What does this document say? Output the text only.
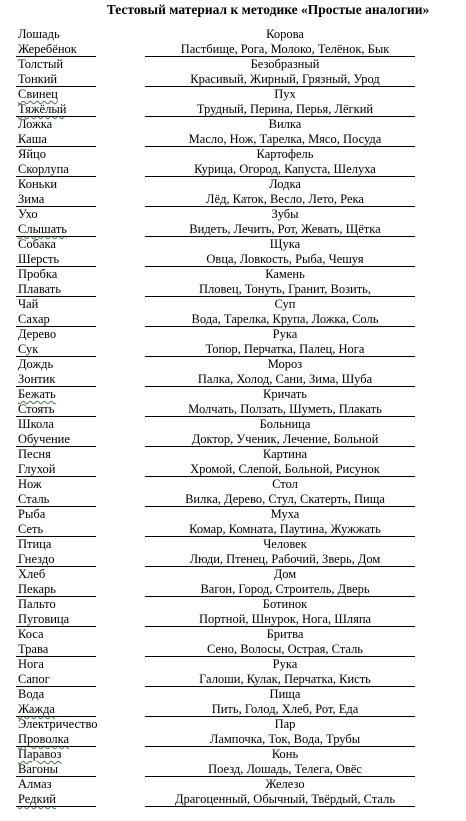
Тестовый материал к методике «Простые аналогии»
Лошадь	Корова
Жеребёнок	Пастбище, Рога, Молоко, Телёнок, Бык
Толстый	Безобразный
Тонкий	Красивый, Жирный, Грязный, Урод
Свинец	Пух
Тяжёлый	Трудный, Перина, Перья, Лёгкий
Ложка	Вилка
Каша	Масло, Нож, Тарелка, Мясо, Посуда
Яйцо	Картофель
Скорлупа	Курица, Огород, Капуста, Шелуха
Коньки	Лодка
Зима	Лёд, Каток, Весло, Лето, Река
Ухо	Зубы
Слышать	Видеть, Лечить, Рот, Жевать, Щётка
Собака	Щука
Шерсть	Овца, Ловкость, Рыба, Чешуя
Пробка	Камень
Плавать	Пловец, Тонуть, Гранит, Возить,
Чай	Суп
Сахар	Вода, Тарелка, Крупа, Ложка, Соль
Дерево	Рука
Сук	Топор, Перчатка, Палец, Нога
Дождь	Мороз
Зонтик	Палка, Холод, Сани, Зима, Шуба
Бежать	Кричать
Стоять	Молчать, Ползать, Шуметь, Плакать
Школа	Больница
Обучение	Доктор, Ученик, Лечение, Больной
Песня	Картина
Глухой	Хромой, Слепой, Больной, Рисунок
Нож	Стол
Сталь	Вилка, Дерево, Стул, Скатерть, Пища
Рыба	Муха
Сеть	Комар, Комната, Паутина, Жужжать
Птица	Человек
Гнездо	Люди, Птенец, Рабочий, Зверь, Дом
Хлеб	Дом
Пекарь	Вагон, Город, Строитель, Дверь
Пальто	Ботинок
Пуговица	Портной, Шнурок, Нога, Шляпа
Коса	Бритва
Трава	Сено, Волосы, Острая, Сталь
Нога	Рука
Сапог	Галоши, Кулак, Перчатка, Кисть
Вода	Пища
Жажда	Пить, Голод, Хлеб, Рот, Еда
Электричество	Пар
Проволка	Лампочка, Ток, Вода, Трубы
Паравоз	Конь
Вагоны	Поезд, Лошадь, Телега, Овёс
Алмаз	Железо
Редкий	Драгоценный, Обычный, Твёрдый, Сталь
